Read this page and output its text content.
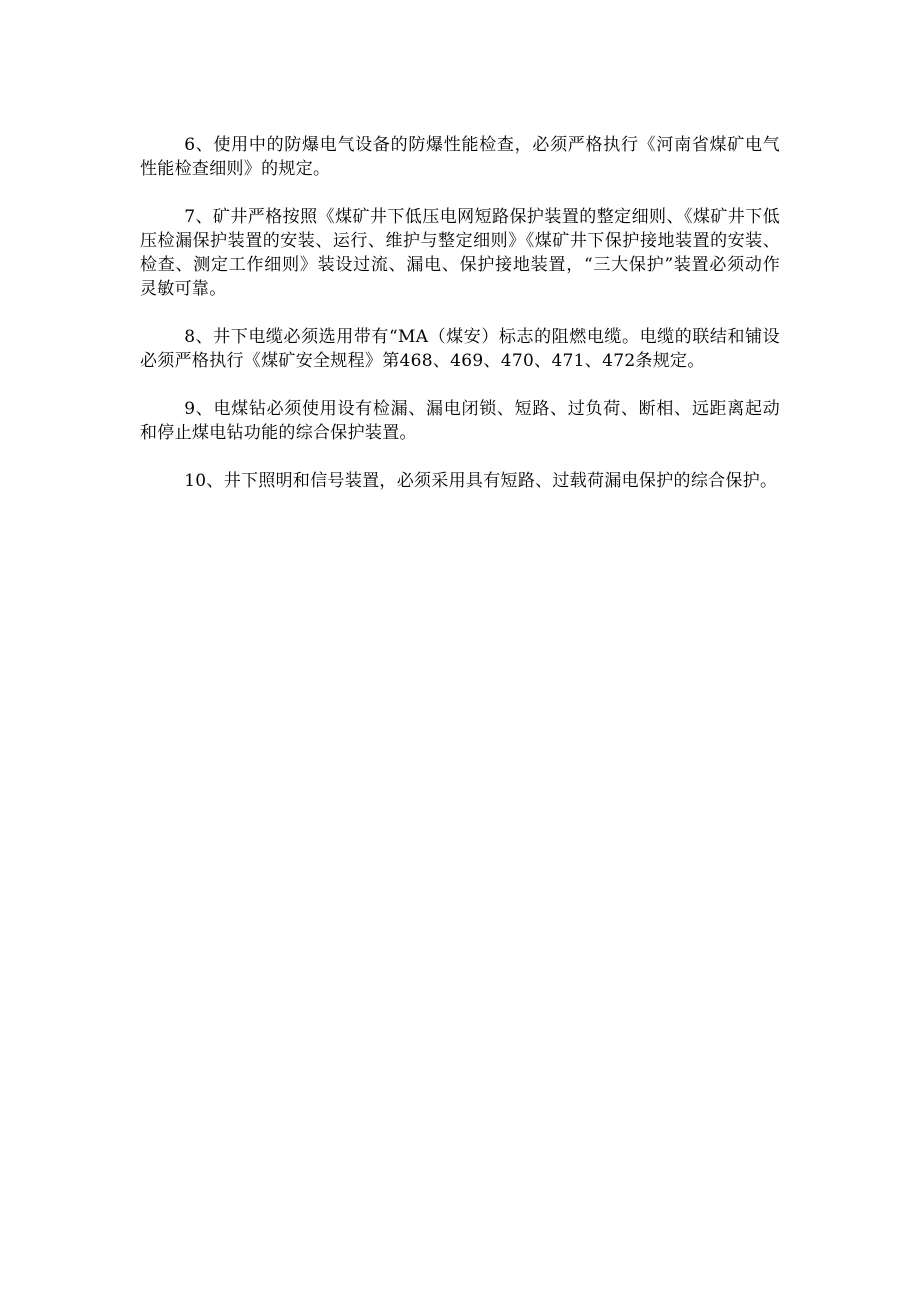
6、使用中的防爆电气设备的防爆性能检查，必须严格执行《河南省煤矿电气性能检查细则》的规定。

7、矿井严格按照《煤矿井下低压电网短路保护装置的整定细则、《煤矿井下低压检漏保护装置的安装、运行、维护与整定细则》《煤矿井下保护接地装置的安装、检查、测定工作细则》装设过流、漏电、保护接地装置，“三大保护”装置必须动作灵敏可靠。

8、井下电缆必须选用带有“MA（煤安）标志的阻燃电缆。电缆的联结和铺设必须严格执行《煤矿安全规程》第468、469、470、471、472条规定。

9、电煤钻必须使用设有检漏、漏电闭锁、短路、过负荷、断相、远距离起动和停止煤电钻功能的综合保护装置。

10、井下照明和信号装置，必须采用具有短路、过载荷漏电保护的综合保护。
